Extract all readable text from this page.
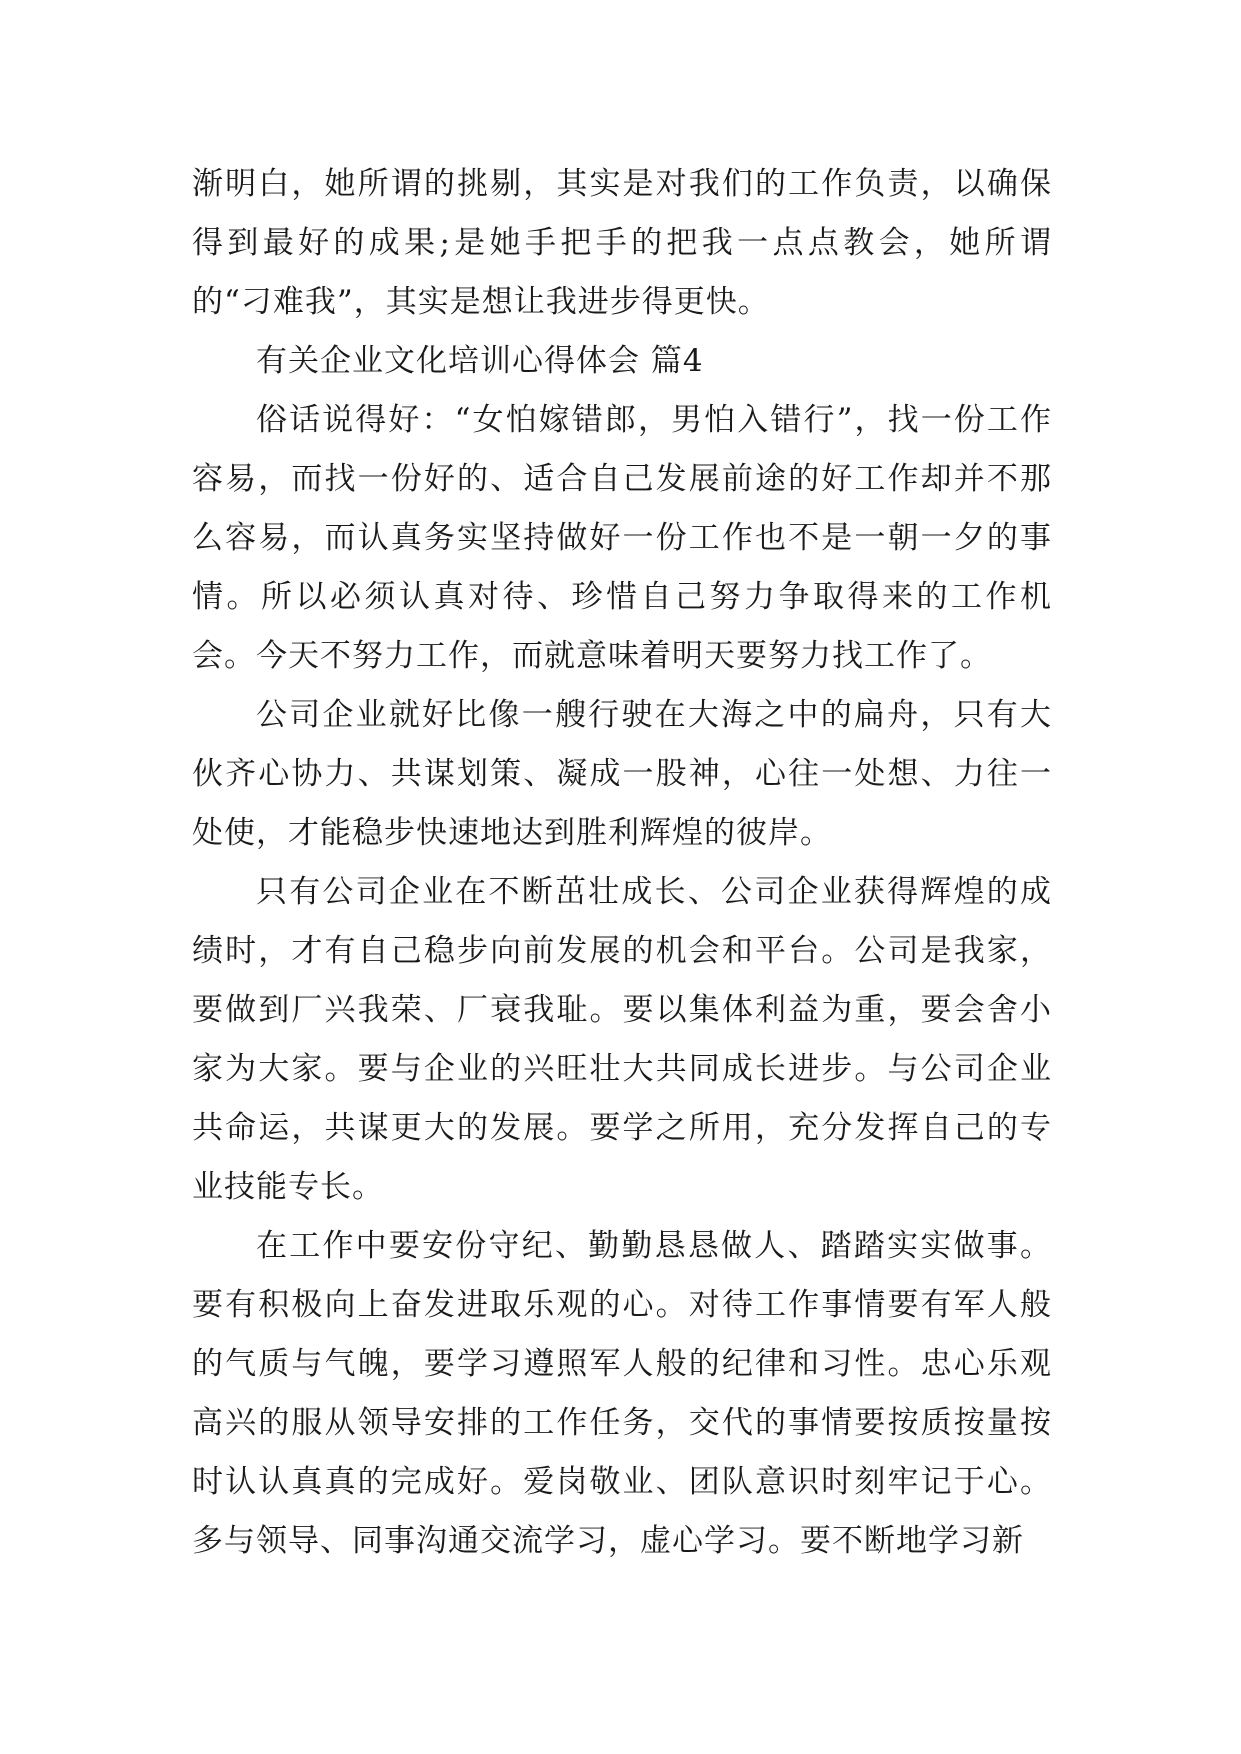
渐明白，她所谓的挑剔，其实是对我们的工作负责，以确保得到最好的成果;是她手把手的把我一点点教会，她所谓的“刁难我”，其实是想让我进步得更快。

有关企业文化培训心得体会 篇4

俗话说得好：“女怕嫁错郎，男怕入错行”，找一份工作容易，而找一份好的、适合自己发展前途的好工作却并不那么容易，而认真务实坚持做好一份工作也不是一朝一夕的事情。所以必须认真对待、珍惜自己努力争取得来的工作机会。今天不努力工作，而就意味着明天要努力找工作了。

公司企业就好比像一艘行驶在大海之中的扁舟，只有大伙齐心协力、共谋划策、凝成一股神，心往一处想、力往一处使，才能稳步快速地达到胜利辉煌的彼岸。

只有公司企业在不断茁壮成长、公司企业获得辉煌的成绩时，才有自己稳步向前发展的机会和平台。公司是我家，要做到厂兴我荣、厂衰我耻。要以集体利益为重，要会舍小家为大家。要与企业的兴旺壮大共同成长进步。与公司企业共命运，共谋更大的发展。要学之所用，充分发挥自己的专业技能专长。

在工作中要安份守纪、勤勤恳恳做人、踏踏实实做事。要有积极向上奋发进取乐观的心。对待工作事情要有军人般的气质与气魄，要学习遵照军人般的纪律和习性。忠心乐观高兴的服从领导安排的工作任务，交代的事情要按质按量按时认认真真的完成好。爱岗敬业、团队意识时刻牢记于心。多与领导、同事沟通交流学习，虚心学习。要不断地学习新
